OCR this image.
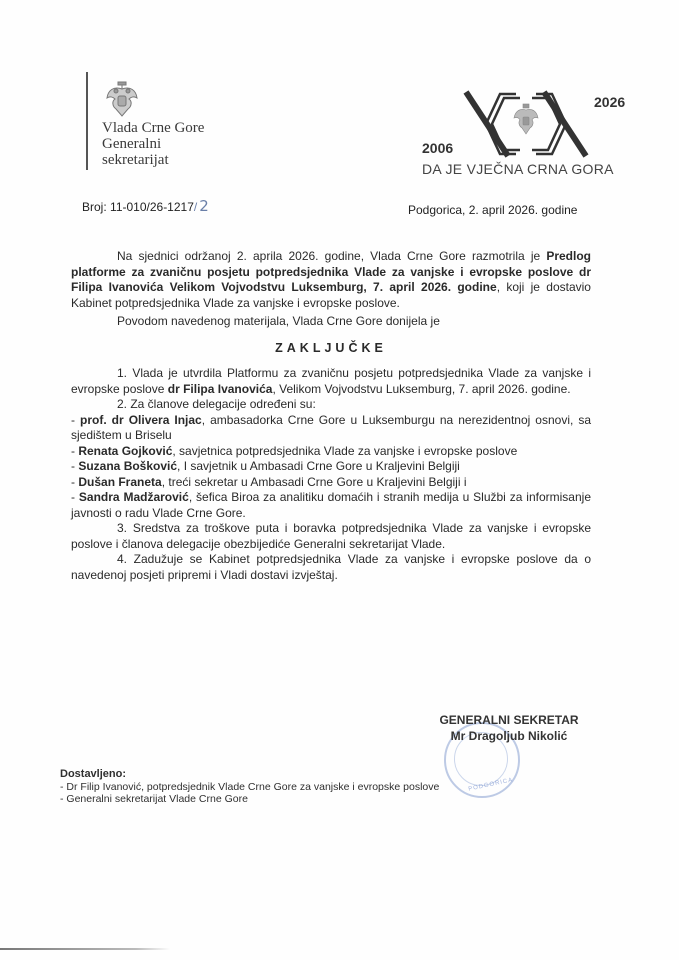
Vlada Crne Gore
Generalni
sekretarijat
2026
2006
DA JE VJEČNA CRNA GORA
Broj: 11-010/26-1217/ 2	Podgorica, 2. april 2026. godine

Na sjednici održanoj 2. aprila 2026. godine, Vlada Crne Gore razmotrila je Predlog platforme za zvaničnu posjetu potpredsjednika Vlade za vanjske i evropske poslove dr Filipa Ivanovića Velikom Vojvodstvu Luksemburg, 7. april 2026. godine, koji je dostavio Kabinet potpredsjednika Vlade za vanjske i evropske poslove.

Povodom navedenog materijala, Vlada Crne Gore donijela je

ZAKLJUČKE

1. Vlada je utvrdila Platformu za zvaničnu posjetu potpredsjednika Vlade za vanjske i evropske poslove dr Filipa Ivanovića, Velikom Vojvodstvu Luksemburg, 7. april 2026. godine.

2. Za članove delegacije određeni su:

- prof. dr Olivera Injac, ambasadorka Crne Gore u Luksemburgu na nerezidentnoj osnovi, sa sjedištem u Briselu

- Renata Gojković, savjetnica potpredsjednika Vlade za vanjske i evropske poslove

- Suzana Bošković, I savjetnik u Ambasadi Crne Gore u Kraljevini Belgiji

- Dušan Franeta, treći sekretar u Ambasadi Crne Gore u Kraljevini Belgiji i

- Sandra Madžarović, šefica Biroa za analitiku domaćih i stranih medija u Službi za informisanje javnosti o radu Vlade Crne Gore.

3. Sredstva za troškove puta i boravka potpredsjednika Vlade za vanjske i evropske poslove i članova delegacije obezbijediće Generalni sekretarijat Vlade.

4. Zadužuje se Kabinet potpredsjednika Vlade za vanjske i evropske poslove da o navedenoj posjeti pripremi i Vladi dostavi izvještaj.

PODGORICA
GENERALNI SEKRETAR
Mr Dragoljub Nikolić
Dostavljeno:
- Dr Filip Ivanović, potpredsjednik Vlade Crne Gore za vanjske i evropske poslove
- Generalni sekretarijat Vlade Crne Gore
